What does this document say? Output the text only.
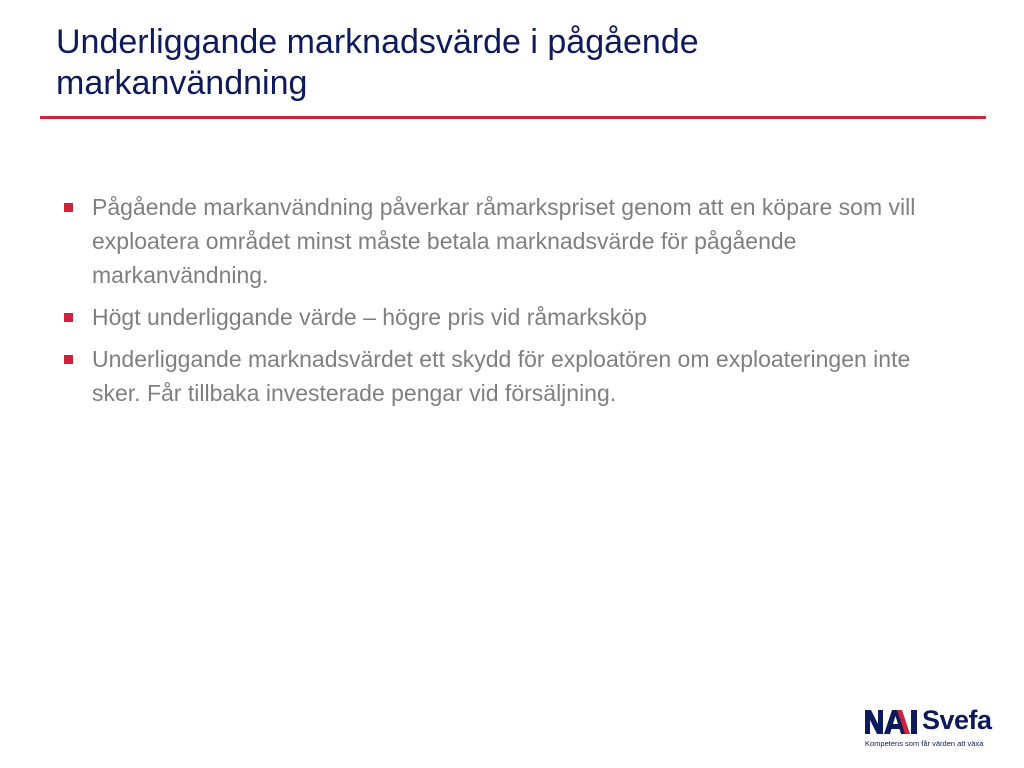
Underliggande marknadsvärde i pågående markanvändning
Pågående markanvändning påverkar råmarkspriset genom att en köpare som vill exploatera området minst måste betala marknadsvärde för pågående markanvändning.
Högt underliggande värde – högre pris vid råmarksköp
Underliggande marknadsvärdet ett skydd för exploatören om exploateringen inte sker. Får tillbaka investerade pengar vid försäljning.
Svefa
Kompetens som får värden att växa
